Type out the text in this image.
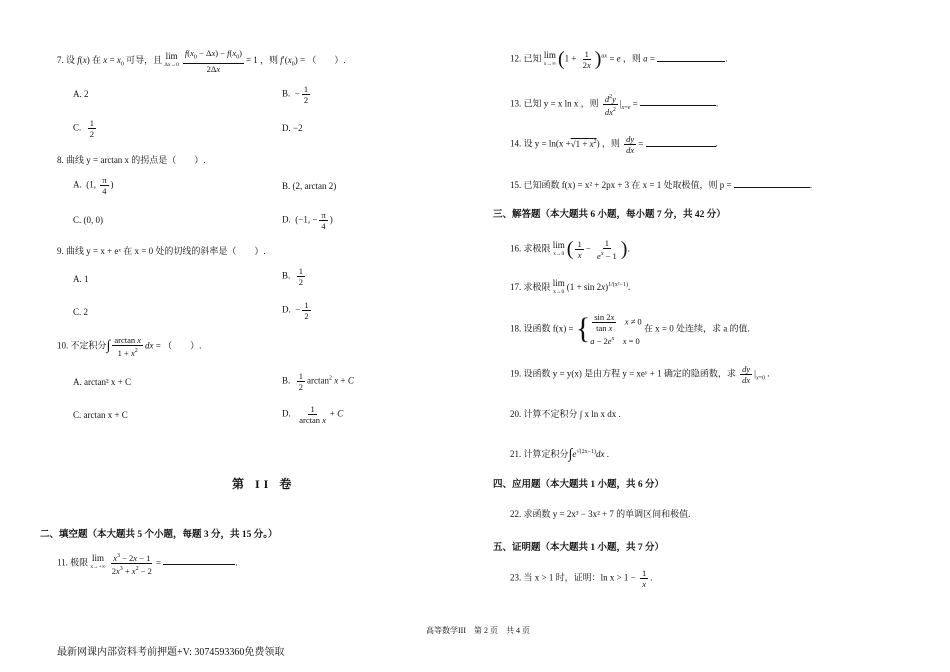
7. 设 f(x) 在 $x = x_0$ 可导，且 lim
$\Delta x\to 0 \frac{f(x_0 - \Delta x) - f(x_0)}{2\Delta x} = 1$ ，则 $f'(x_0)$ = （　　）.
A. 2	B.  − $\frac{1}{2}$
C. $\frac{1}{2}$	D. −2
8. 曲线 y = arctan x 的拐点是（　　）.
A.  (1, $\frac{\pi}{4}$ )	B. (2, arctan 2)
C. (0, 0)	D.  (−1, − $\frac{\pi}{4}$ )
9. 曲线 y = x + eˣ 在 x = 0 处的切线的斜率是（　　）.
A. 1	B. $\frac{1}{2}$
C. 2	D.  − $\frac{1}{2}$
10. 不定积分∫ $\frac{\text{arctan x}}{1 + x^2}$ dx = （　　）.
A. arctan² x + C	B. $\frac{1}{2} \arctan^2 x + C$
C. arctan x + C	D. $\frac{1}{\text{arctan x}} + C$
第 II 卷
二、填空题（本大题共 5 个小题，每题 3 分，共 15 分。）
11. 极限 lim
$x\to+\infty \frac{x^3 - 2x - 1}{2x^3 + x^2 - 2}$ =	.
12. 已知 lim
x→∞ $(1 + \frac{1}{2x} )^{ax} = e$ ，则 a =	.
13. 已知 y = x ln x ，则 $\frac{d^2y}{dx^2} |_{x=e}$ =	.
14. 设 $y = \ln(x +√1 + x^2)$ ，则 $\frac{dy}{dx}$ =	.
15. 已知函数 f(x) = x² + 2px + 3 在 x = 1 处取极值，则 p =	.
三、解答题（本大题共 6 小题，每小题 7 分，共 42 分）
16. 求极限 lim
x→0 ( $\frac{1}{x} - \frac{1}{e^x - 1}$ ).
17. 求极限 lim
x→0 $(1 + \sin 2x)^{1/(x^2-1)}$.
18. 设函数 f(x) = { $\frac{\sin 2x}{\text{tan x}}$ x ≠ 0
$a - 2e^x$ x = 0
在 x = 0 处连续，求 a 的值.
19. 设函数 y = y(x) 是由方程 y = xeʸ + 1 确定的隐函数，求 $\frac{dy}{dx} |_{x=0}$ .
20. 计算不定积分 ∫ x ln x dx .
21. 计算定积分$\int e^{√(2x-1)}dx$ .
四、应用题（本大题共 1 小题，共 6 分）
22. 求函数 y = 2x³ − 3x² + 7 的单调区间和极值.
五、证明题（本大题共 1 小题，共 7 分）
23. 当 x > 1 时，证明：$\ln x > 1 - \frac{1}{x}$ .
高等数学III　第 2 页　共 4 页
最新网课内部资料考前押题+V: 3074593360免费领取
